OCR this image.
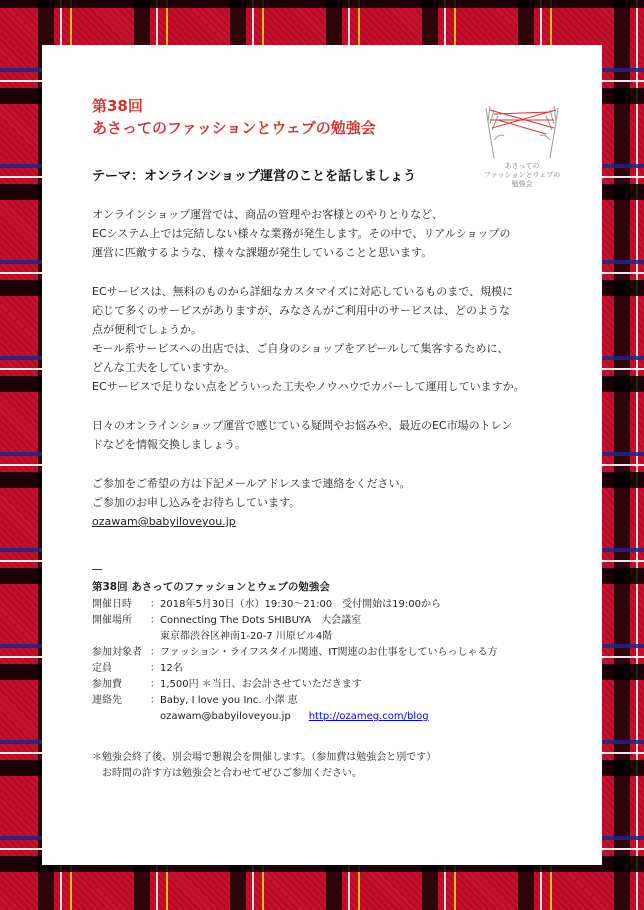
第38回
あさってのファッションとウェブの勉強会
あさっての
ファッションとウェブの
勉強会
テーマ：オンラインショップ運営のことを話しましょう

オンラインショップ運営では、商品の管理やお客様とのやりとりなど、
ECシステム上では完結しない様々な業務が発生します。その中で、リアルショップの
運営に匹敵するような、様々な課題が発生していることと思います。

ECサービスは、無料のものから詳細なカスタマイズに対応しているものまで、規模に
応じて多くのサービスがありますが、みなさんがご利用中のサービスは、どのような
点が便利でしょうか。
モール系サービスへの出店では、ご自身のショップをアピールして集客するために、
どんな工夫をしていますか。
ECサービスで足りない点をどういった工夫やノウハウでカバーして運用していますか。

日々のオンラインショップ運営で感じている疑問やお悩みや、最近のEC市場のトレン
ドなどを情報交換しましょう。

ご参加をご希望の方は下記メールアドレスまで連絡をください。
ご参加のお申し込みをお待ちしています。
ozawam@babyiloveyou.jp

第38回 あさってのファッションとウェブの勉強会
開催日時	： 2018年5月30日（水）19:30〜21:00　受付開始は19:00から
開催場所	： Connecting The Dots SHIBUYA　大会議室
東京都渋谷区神南1-20-7 川原ビル4階
参加対象者 ： ファッション・ライフスタイル関連、IT関連のお仕事をしていらっしゃる方
定員	： 12名
参加費	： 1,500円 ＊当日、お会計させていただきます
連絡先	： Baby, I love you Inc. 小澤 恵
ozawam@babyiloveyou.jp http://ozameg.com/blog
＊勉強会終了後、別会場で懇親会を開催します。（参加費は勉強会と別です）
お時間の許す方は勉強会と合わせてぜひご参加ください。
